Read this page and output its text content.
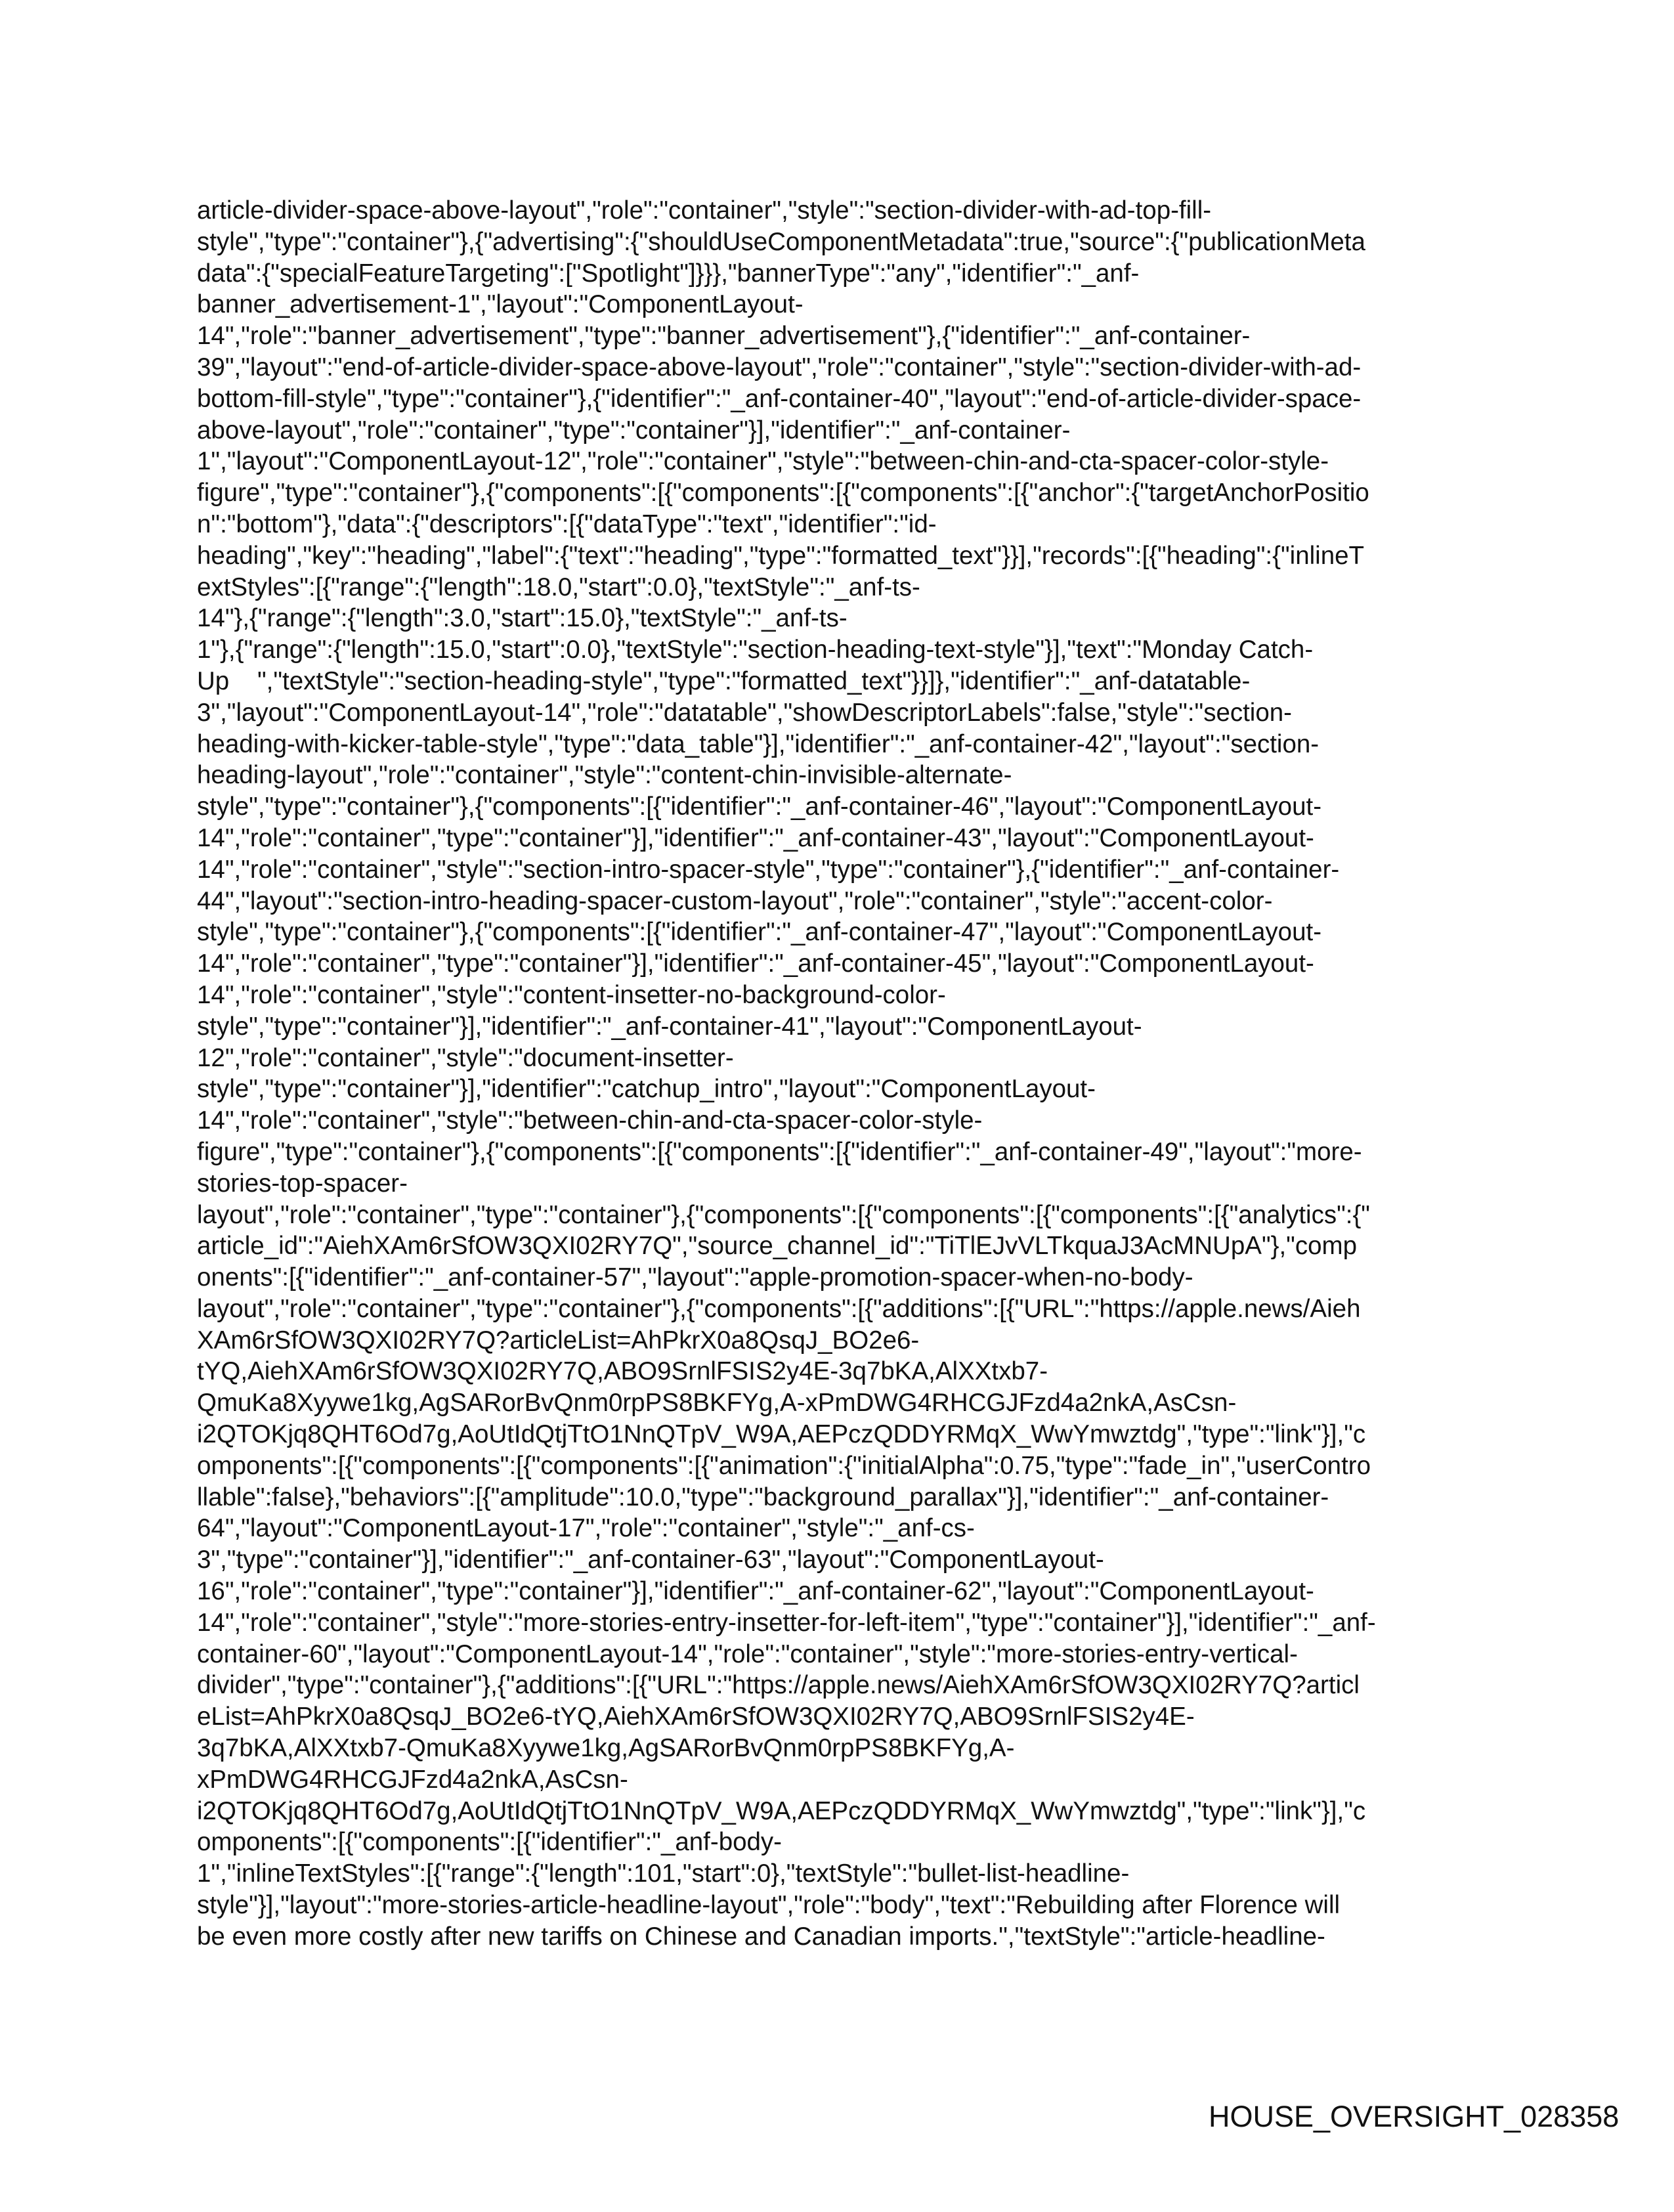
article-divider-space-above-layout","role":"container","style":"section-divider-with-ad-top-fill-
style","type":"container"},{"advertising":{"shouldUseComponentMetadata":true,"source":{"publicationMeta
data":{"specialFeatureTargeting":["Spotlight"]}}},"bannerType":"any","identifier":"_anf-
banner_advertisement-1","layout":"ComponentLayout-
14","role":"banner_advertisement","type":"banner_advertisement"},{"identifier":"_anf-container-
39","layout":"end-of-article-divider-space-above-layout","role":"container","style":"section-divider-with-ad-
bottom-fill-style","type":"container"},{"identifier":"_anf-container-40","layout":"end-of-article-divider-space-
above-layout","role":"container","type":"container"}],"identifier":"_anf-container-
1","layout":"ComponentLayout-12","role":"container","style":"between-chin-and-cta-spacer-color-style-
figure","type":"container"},{"components":[{"components":[{"components":[{"anchor":{"targetAnchorPositio
n":"bottom"},"data":{"descriptors":[{"dataType":"text","identifier":"id-
heading","key":"heading","label":{"text":"heading","type":"formatted_text"}}],"records":[{"heading":{"inlineT
extStyles":[{"range":{"length":18.0,"start":0.0},"textStyle":"_anf-ts-
14"},{"range":{"length":3.0,"start":15.0},"textStyle":"_anf-ts-
1"},{"range":{"length":15.0,"start":0.0},"textStyle":"section-heading-text-style"}],"text":"Monday Catch-
Up    ","textStyle":"section-heading-style","type":"formatted_text"}}]},"identifier":"_anf-datatable-
3","layout":"ComponentLayout-14","role":"datatable","showDescriptorLabels":false,"style":"section-
heading-with-kicker-table-style","type":"data_table"}],"identifier":"_anf-container-42","layout":"section-
heading-layout","role":"container","style":"content-chin-invisible-alternate-
style","type":"container"},{"components":[{"identifier":"_anf-container-46","layout":"ComponentLayout-
14","role":"container","type":"container"}],"identifier":"_anf-container-43","layout":"ComponentLayout-
14","role":"container","style":"section-intro-spacer-style","type":"container"},{"identifier":"_anf-container-
44","layout":"section-intro-heading-spacer-custom-layout","role":"container","style":"accent-color-
style","type":"container"},{"components":[{"identifier":"_anf-container-47","layout":"ComponentLayout-
14","role":"container","type":"container"}],"identifier":"_anf-container-45","layout":"ComponentLayout-
14","role":"container","style":"content-insetter-no-background-color-
style","type":"container"}],"identifier":"_anf-container-41","layout":"ComponentLayout-
12","role":"container","style":"document-insetter-
style","type":"container"}],"identifier":"catchup_intro","layout":"ComponentLayout-
14","role":"container","style":"between-chin-and-cta-spacer-color-style-
figure","type":"container"},{"components":[{"components":[{"identifier":"_anf-container-49","layout":"more-
stories-top-spacer-
layout","role":"container","type":"container"},{"components":[{"components":[{"components":[{"analytics":{"
article_id":"AiehXAm6rSfOW3QXI02RY7Q","source_channel_id":"TiTlEJvVLTkquaJ3AcMNUpA"},"comp
onents":[{"identifier":"_anf-container-57","layout":"apple-promotion-spacer-when-no-body-
layout","role":"container","type":"container"},{"components":[{"additions":[{"URL":"https://apple.news/Aieh
XAm6rSfOW3QXI02RY7Q?articleList=AhPkrX0a8QsqJ_BO2e6-
tYQ,AiehXAm6rSfOW3QXI02RY7Q,ABO9SrnlFSIS2y4E-3q7bKA,AlXXtxb7-
QmuKa8Xyywe1kg,AgSARorBvQnm0rpPS8BKFYg,A-xPmDWG4RHCGJFzd4a2nkA,AsCsn-
i2QTOKjq8QHT6Od7g,AoUtIdQtjTtO1NnQTpV_W9A,AEPczQDDYRMqX_WwYmwztdg","type":"link"}],"c
omponents":[{"components":[{"components":[{"animation":{"initialAlpha":0.75,"type":"fade_in","userContro
llable":false},"behaviors":[{"amplitude":10.0,"type":"background_parallax"}],"identifier":"_anf-container-
64","layout":"ComponentLayout-17","role":"container","style":"_anf-cs-
3","type":"container"}],"identifier":"_anf-container-63","layout":"ComponentLayout-
16","role":"container","type":"container"}],"identifier":"_anf-container-62","layout":"ComponentLayout-
14","role":"container","style":"more-stories-entry-insetter-for-left-item","type":"container"}],"identifier":"_anf-
container-60","layout":"ComponentLayout-14","role":"container","style":"more-stories-entry-vertical-
divider","type":"container"},{"additions":[{"URL":"https://apple.news/AiehXAm6rSfOW3QXI02RY7Q?articl
eList=AhPkrX0a8QsqJ_BO2e6-tYQ,AiehXAm6rSfOW3QXI02RY7Q,ABO9SrnlFSIS2y4E-
3q7bKA,AlXXtxb7-QmuKa8Xyywe1kg,AgSARorBvQnm0rpPS8BKFYg,A-
xPmDWG4RHCGJFzd4a2nkA,AsCsn-
i2QTOKjq8QHT6Od7g,AoUtIdQtjTtO1NnQTpV_W9A,AEPczQDDYRMqX_WwYmwztdg","type":"link"}],"c
omponents":[{"components":[{"identifier":"_anf-body-
1","inlineTextStyles":[{"range":{"length":101,"start":0},"textStyle":"bullet-list-headline-
style"}],"layout":"more-stories-article-headline-layout","role":"body","text":"Rebuilding after Florence will
be even more costly after new tariffs on Chinese and Canadian imports.","textStyle":"article-headline-
HOUSE_OVERSIGHT_028358
